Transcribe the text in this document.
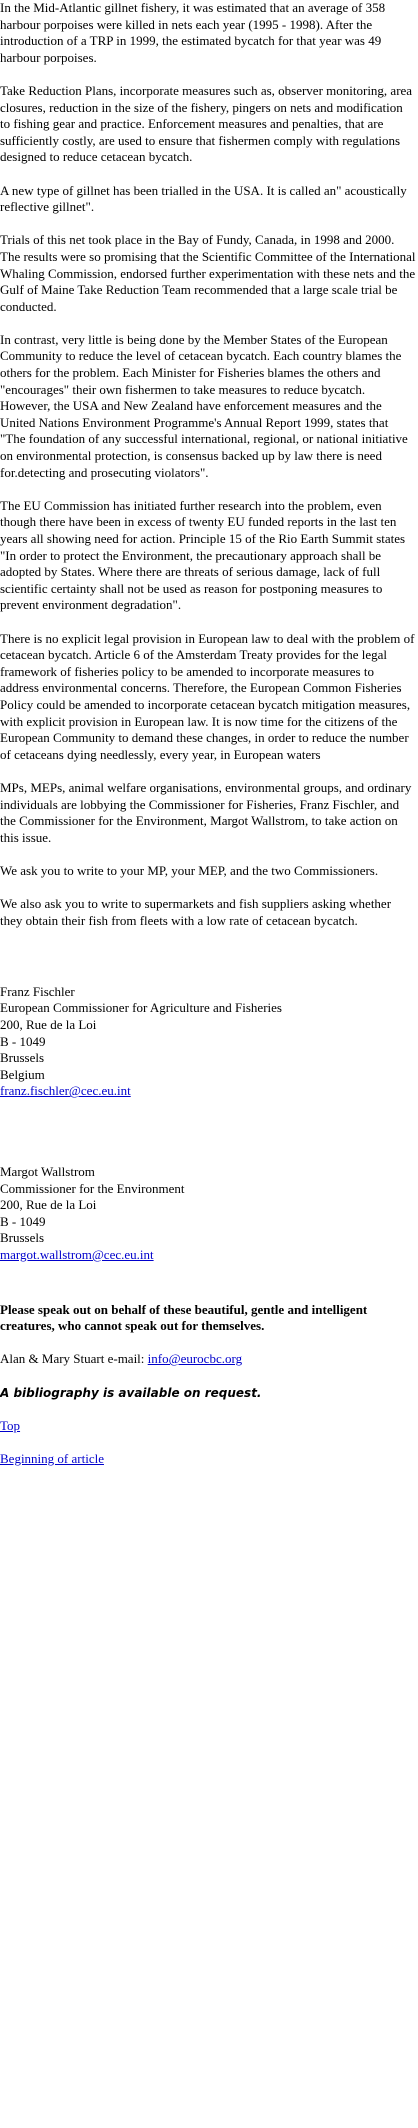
In the Mid-Atlantic gillnet fishery, it was estimated that an average of 358 harbour porpoises were killed in nets each year (1995 - 1998). After the introduction of a TRP in 1999, the estimated bycatch for that year was 49 harbour porpoises.

Take Reduction Plans, incorporate measures such as, observer monitoring, area closures, reduction in the size of the fishery, pingers on nets and modification to fishing gear and practice. Enforcement measures and penalties, that are sufficiently costly, are used to ensure that fishermen comply with regulations designed to reduce cetacean bycatch.

A new type of gillnet has been trialled in the USA. It is called an" acoustically reflective gillnet".

Trials of this net took place in the Bay of Fundy, Canada, in 1998 and 2000. The results were so promising that the Scientific Committee of the International Whaling Commission, endorsed further experimentation with these nets and the Gulf of Maine Take Reduction Team recommended that a large scale trial be conducted.

In contrast, very little is being done by the Member States of the European Community to reduce the level of cetacean bycatch. Each country blames the others for the problem. Each Minister for Fisheries blames the others and "encourages" their own fishermen to take measures to reduce bycatch. However, the USA and New Zealand have enforcement measures and the United Nations Environment Programme's Annual Report 1999, states that "The foundation of any successful international, regional, or national initiative on environmental protection, is consensus backed up by law there is need for.detecting and prosecuting violators".

The EU Commission has initiated further research into the problem, even though there have been in excess of twenty EU funded reports in the last ten years all showing need for action. Principle 15 of the Rio Earth Summit states "In order to protect the Environment, the precautionary approach shall be adopted by States. Where there are threats of serious damage, lack of full scientific certainty shall not be used as reason for postponing measures to prevent environment degradation".

There is no explicit legal provision in European law to deal with the problem of cetacean bycatch. Article 6 of the Amsterdam Treaty provides for the legal framework of fisheries policy to be amended to incorporate measures to address environmental concerns. Therefore, the European Common Fisheries Policy could be amended to incorporate cetacean bycatch mitigation measures, with explicit provision in European law. It is now time for the citizens of the European Community to demand these changes, in order to reduce the number of cetaceans dying needlessly, every year, in European waters

MPs, MEPs, animal welfare organisations, environmental groups, and ordinary individuals are lobbying the Commissioner for Fisheries, Franz Fischler, and the Commissioner for the Environment, Margot Wallstrom, to take action on this issue.

We ask you to write to your MP, your MEP, and the two Commissioners.

We also ask you to write to supermarkets and fish suppliers asking whether they obtain their fish from fleets with a low rate of cetacean bycatch.

Franz Fischler
European Commissioner for Agriculture and Fisheries
200, Rue de la Loi
B - 1049
Brussels
Belgium
franz.fischler@cec.eu.int
Margot Wallstrom
Commissioner for the Environment
200, Rue de la Loi
B - 1049
Brussels
margot.wallstrom@cec.eu.int

Please speak out on behalf of these beautiful, gentle and intelligent creatures, who cannot speak out for themselves.

Alan & Mary Stuart e-mail: info@eurocbc.org

A bibliography is available on request.

Top

Beginning of article
